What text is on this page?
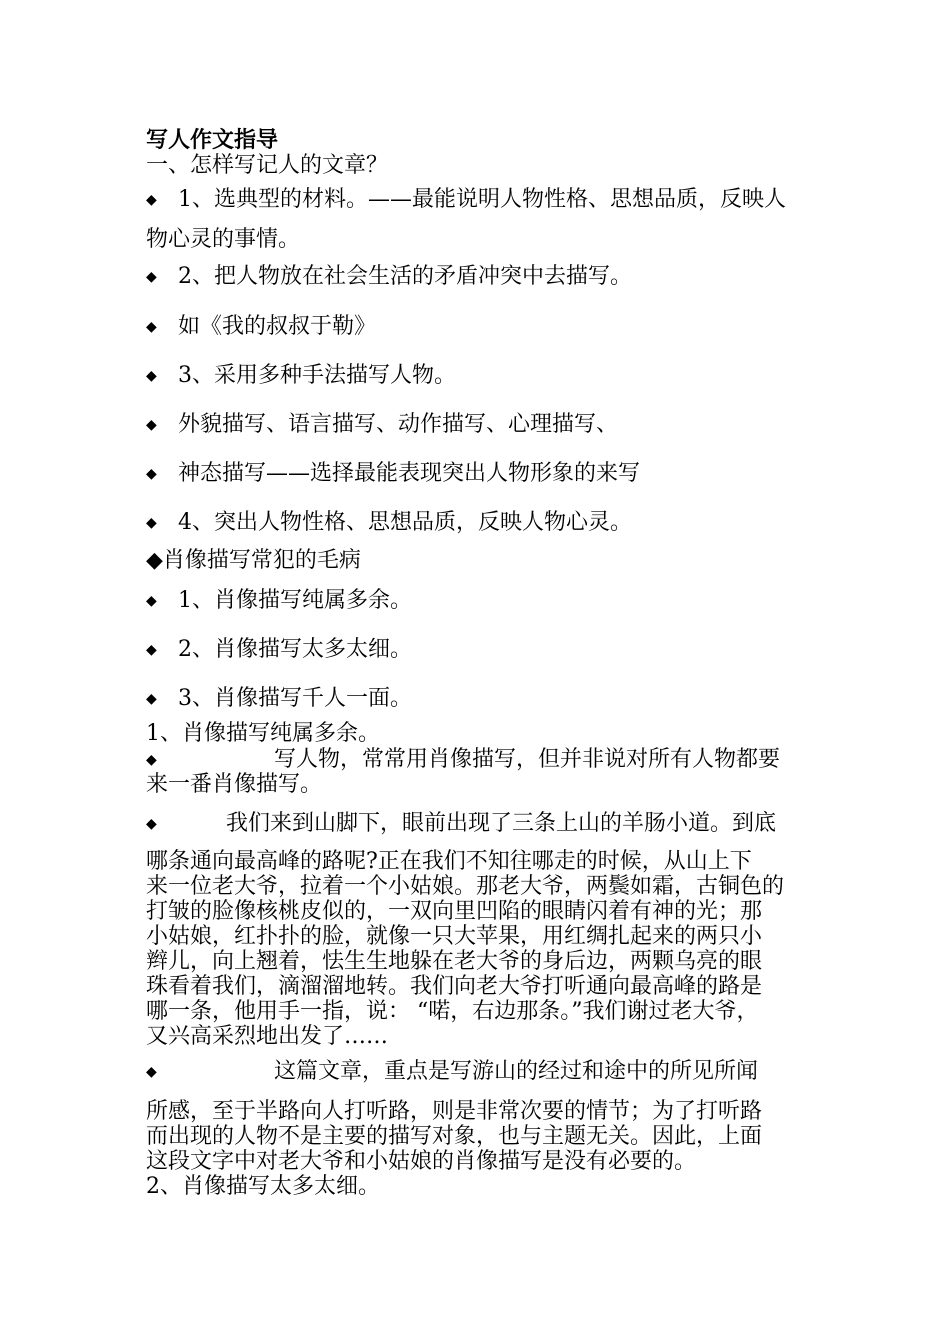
写人作文指导
一、怎样写记人的文章？
◆ 1、选典型的材料。——最能说明人物性格、思想品质，反映人
物心灵的事情。
◆ 2、把人物放在社会生活的矛盾冲突中去描写。
◆ 如《我的叔叔于勒》
◆ 3、采用多种手法描写人物。
◆ 外貌描写、语言描写、动作描写、心理描写、
◆ 神态描写——选择最能表现突出人物形象的来写
◆ 4、突出人物性格、思想品质，反映人物心灵。
◆肖像描写常犯的毛病
◆ 1、肖像描写纯属多余。
◆ 2、肖像描写太多太细。
◆ 3、肖像描写千人一面。
1、肖像描写纯属多余。
◆	写人物，常常用肖像描写，但并非说对所有人物都要
来一番肖像描写。
◆	我们来到山脚下，眼前出现了三条上山的羊肠小道。到底
哪条通向最高峰的路呢?正在我们不知往哪走的时候，从山上下
来一位老大爷，拉着一个小姑娘。那老大爷，两鬓如霜，古铜色的
打皱的脸像核桃皮似的，一双向里凹陷的眼睛闪着有神的光；那
小姑娘，红扑扑的脸，就像一只大苹果，用红绸扎起来的两只小
辫儿，向上翘着，怯生生地躲在老大爷的身后边，两颗乌亮的眼
珠看着我们，滴溜溜地转。我们向老大爷打听通向最高峰的路是
哪一条，他用手一指，说： “喏，右边那条。”我们谢过老大爷，
又兴高采烈地出发了……
◆	这篇文章，重点是写游山的经过和途中的所见所闻
所感，至于半路向人打听路，则是非常次要的情节；为了打听路
而出现的人物不是主要的描写对象，也与主题无关。因此，上面
这段文字中对老大爷和小姑娘的肖像描写是没有必要的。
2、肖像描写太多太细。
